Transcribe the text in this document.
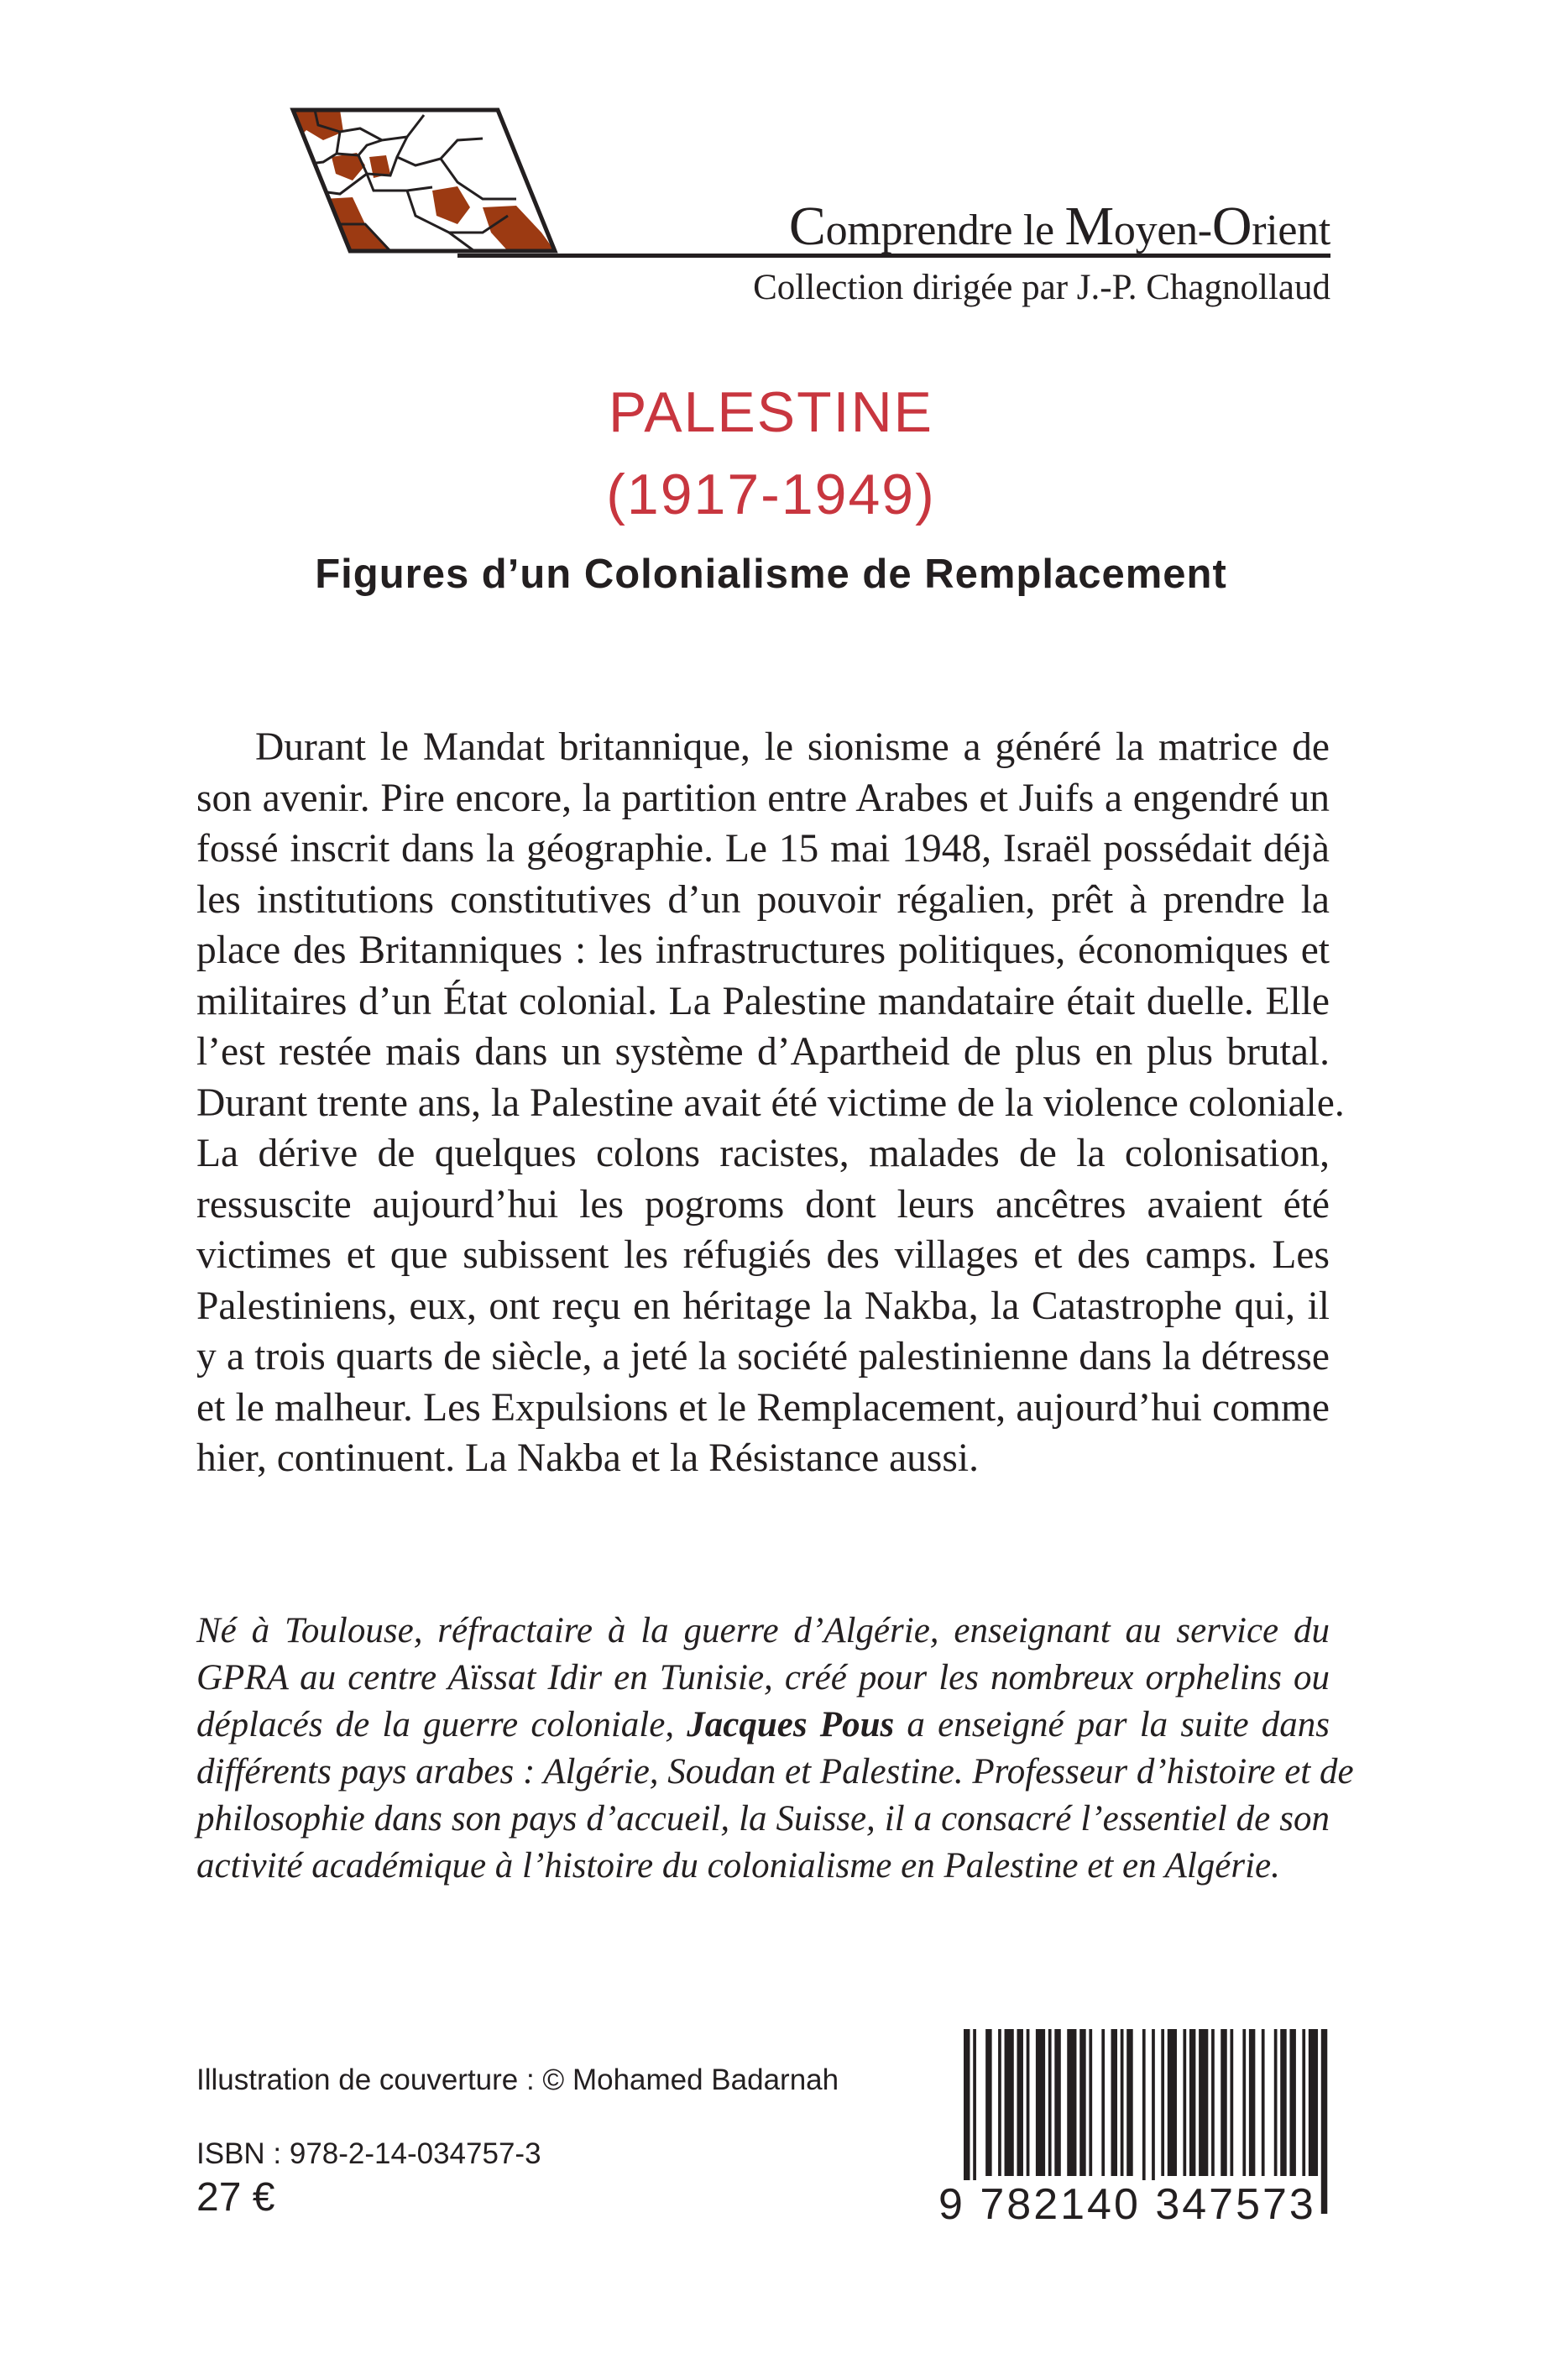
Comprendre le Moyen-Orient
Collection dirigée par J.-P. Chagnollaud
PALESTINE
(1917-1949)
Figures d’un Colonialisme de Remplacement
Durant le Mandat britannique, le sionisme a généré la matrice de
son avenir. Pire encore, la partition entre Arabes et Juifs a engendré un
fossé inscrit dans la géographie. Le 15 mai 1948, Israël possédait déjà
les institutions constitutives d’un pouvoir régalien, prêt à prendre la
place des Britanniques : les infrastructures politiques, économiques et
militaires d’un État colonial. La Palestine mandataire était duelle. Elle
l’est restée mais dans un système d’Apartheid de plus en plus brutal.
Durant trente ans, la Palestine avait été victime de la violence coloniale.
La dérive de quelques colons racistes, malades de la colonisation,
ressuscite aujourd’hui les pogroms dont leurs ancêtres avaient été
victimes et que subissent les réfugiés des villages et des camps. Les
Palestiniens, eux, ont reçu en héritage la Nakba, la Catastrophe qui, il
y a trois quarts de siècle, a jeté la société palestinienne dans la détresse
et le malheur. Les Expulsions et le Remplacement, aujourd’hui comme
hier, continuent. La Nakba et la Résistance aussi.
Né à Toulouse, réfractaire à la guerre d’Algérie, enseignant au service du
GPRA au centre Aïssat Idir en Tunisie, créé pour les nombreux orphelins ou
déplacés de la guerre coloniale, Jacques Pous a enseigné par la suite dans
différents pays arabes : Algérie, Soudan et Palestine. Professeur d’histoire et de
philosophie dans son pays d’accueil, la Suisse, il a consacré l’essentiel de son
activité académique à l’histoire du colonialisme en Palestine et en Algérie.
Illustration de couverture : © Mohamed Badarnah
ISBN : 978-2-14-034757-3
27 €	9 782140 347573
